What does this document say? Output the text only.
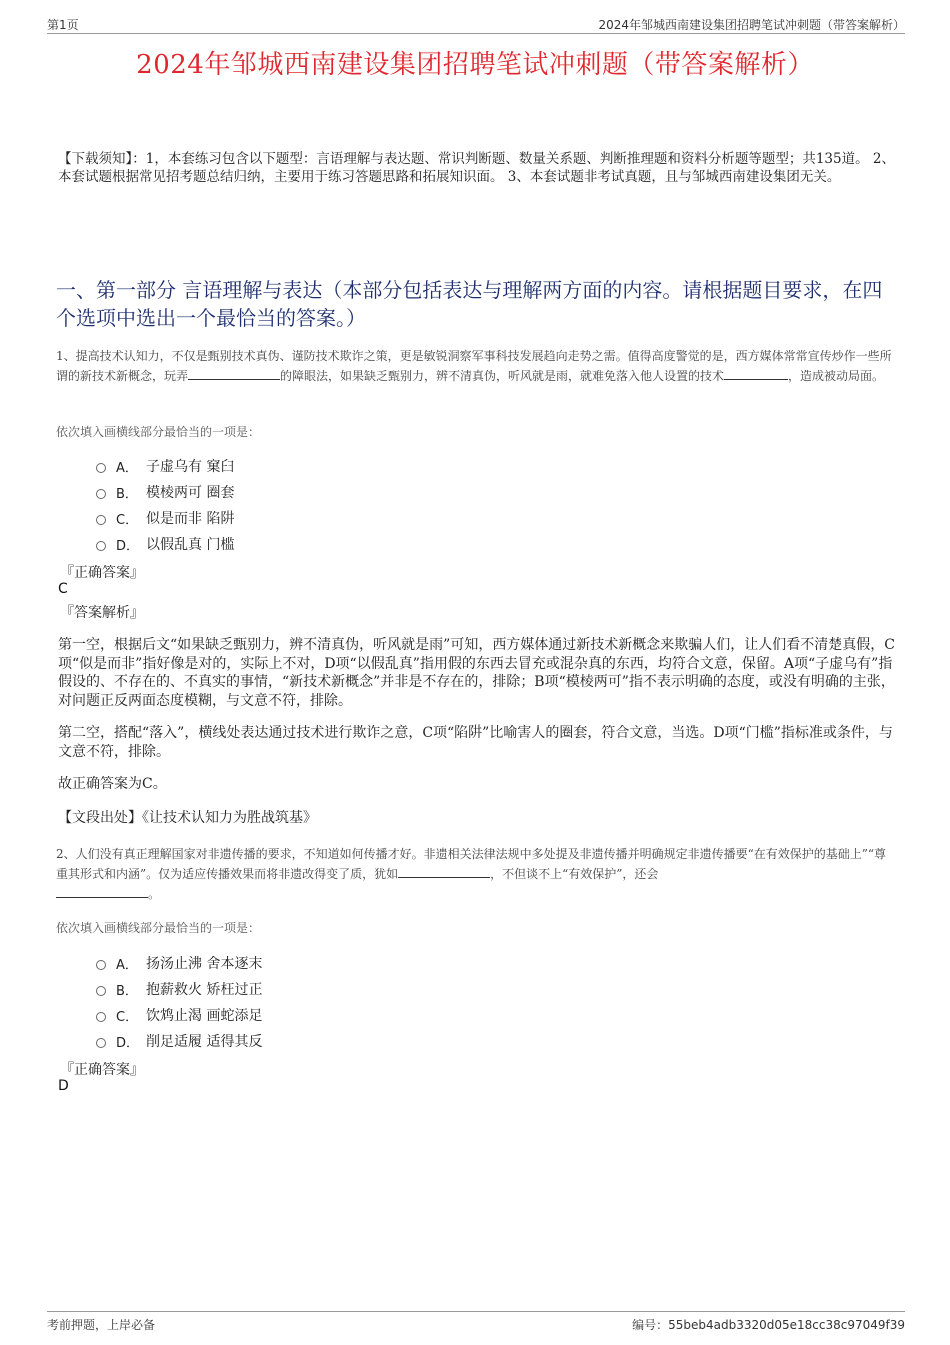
第1页	2024年邹城西南建设集团招聘笔试冲刺题（带答案解析）
2024年邹城西南建设集团招聘笔试冲刺题（带答案解析）
【下载须知】：1，本套练习包含以下题型：言语理解与表达题、常识判断题、数量关系题、判断推理题和资料分析题等题型；共135道。 2、本套试题根据常见招考题总结归纳，主要用于练习答题思路和拓展知识面。 3、本套试题非考试真题，且与邹城西南建设集团无关。
一、第一部分 言语理解与表达（本部分包括表达与理解两方面的内容。请根据题目要求，在四个选项中选出一个最恰当的答案。）
1、提高技术认知力，不仅是甄别技术真伪、谨防技术欺诈之策，更是敏锐洞察军事科技发展趋向走势之需。值得高度警觉的是，西方媒体常常宣传炒作一些所谓的新技术新概念，玩弄	的障眼法，如果缺乏甄别力，辨不清真伪，听风就是雨，就难免落入他人设置的技术	，造成被动局面。
依次填入画横线部分最恰当的一项是：
A． 子虚乌有 窠臼
B． 模棱两可 圈套
C． 似是而非 陷阱
D． 以假乱真 门槛
『正确答案』
C
『答案解析』
第一空，根据后文“如果缺乏甄别力，辨不清真伪，听风就是雨”可知，西方媒体通过新技术新概念来欺骗人们，让人们看不清楚真假，C项“似是而非”指好像是对的，实际上不对，D项“以假乱真”指用假的东西去冒充或混杂真的东西，均符合文意，保留。A项“子虚乌有”指假设的、不存在的、不真实的事情，“新技术新概念”并非是不存在的，排除；B项“模棱两可”指不表示明确的态度，或没有明确的主张，对问题正反两面态度模糊，与文意不符，排除。
第二空，搭配“落入”，横线处表达通过技术进行欺诈之意，C项“陷阱”比喻害人的圈套，符合文意，当选。D项“门槛”指标准或条件，与文意不符，排除。
故正确答案为C。
【文段出处】《让技术认知力为胜战筑基》
2、人们没有真正理解国家对非遗传播的要求，不知道如何传播才好。非遗相关法律法规中多处提及非遗传播并明确规定非遗传播要“在有效保护的基础上”“尊重其形式和内涵”。仅为适应传播效果而将非遗改得变了质，犹如	，不但谈不上“有效保护”，还会
。
依次填入画横线部分最恰当的一项是：
A． 扬汤止沸 舍本逐末
B． 抱薪救火 矫枉过正
C． 饮鸩止渴 画蛇添足
D． 削足适履 适得其反
『正确答案』
D
考前押题，上岸必备	编号：55beb4adb3320d05e18cc38c97049f39
